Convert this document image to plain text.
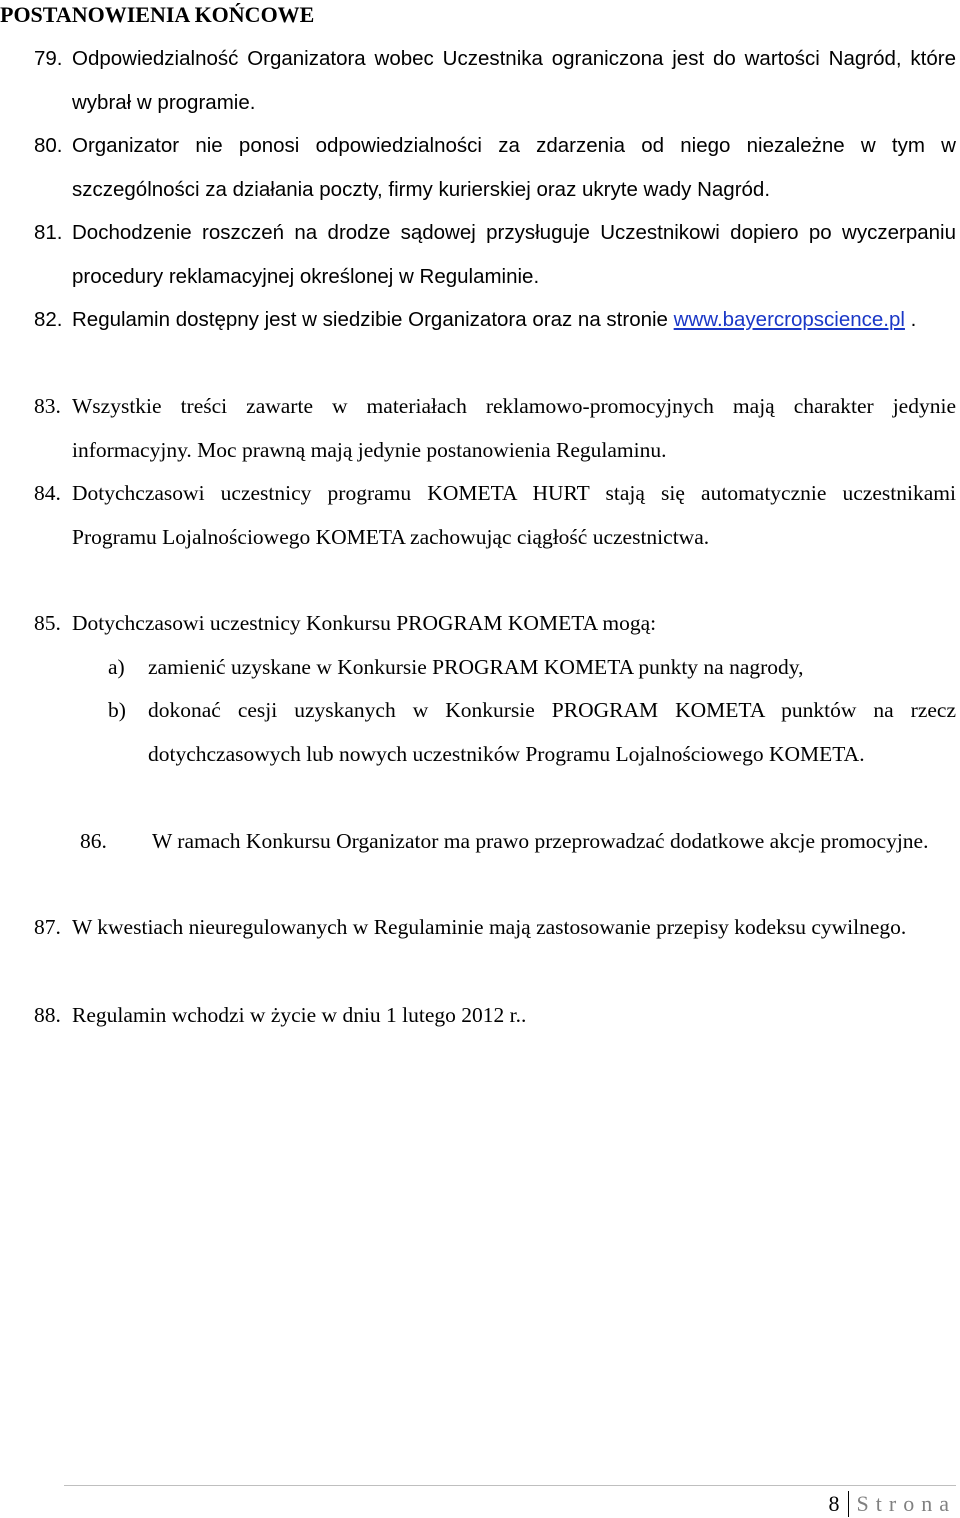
POSTANOWIENIA KOŃCOWE
79. Odpowiedzialność Organizatora wobec Uczestnika ograniczona jest do wartości Nagród, które wybrał w programie.
80. Organizator nie ponosi odpowiedzialności za zdarzenia od niego niezależne w tym w szczególności za działania poczty, firmy kurierskiej oraz ukryte wady Nagród.
81. Dochodzenie roszczeń na drodze sądowej przysługuje Uczestnikowi dopiero po wyczerpaniu procedury reklamacyjnej określonej w Regulaminie.
82. Regulamin dostępny jest w siedzibie Organizatora oraz na stronie www.bayercropscience.pl .
83. Wszystkie treści zawarte w materiałach reklamowo-promocyjnych mają charakter jedynie informacyjny. Moc prawną mają jedynie postanowienia Regulaminu.
84. Dotychczasowi uczestnicy programu KOMETA HURT stają się automatycznie uczestnikami Programu Lojalnościowego KOMETA zachowując ciągłość uczestnictwa.
85. Dotychczasowi uczestnicy Konkursu PROGRAM KOMETA mogą:
a) zamienić uzyskane w Konkursie PROGRAM KOMETA punkty na nagrody,
b) dokonać cesji uzyskanych w Konkursie PROGRAM KOMETA punktów na rzecz dotychczasowych lub nowych uczestników Programu Lojalnościowego KOMETA.
86. W ramach Konkursu Organizator ma prawo przeprowadzać dodatkowe akcje promocyjne.
87. W kwestiach nieuregulowanych w Regulaminie mają zastosowanie przepisy kodeksu cywilnego.
88. Regulamin wchodzi w życie w dniu 1 lutego 2012 r..
8 Strona
